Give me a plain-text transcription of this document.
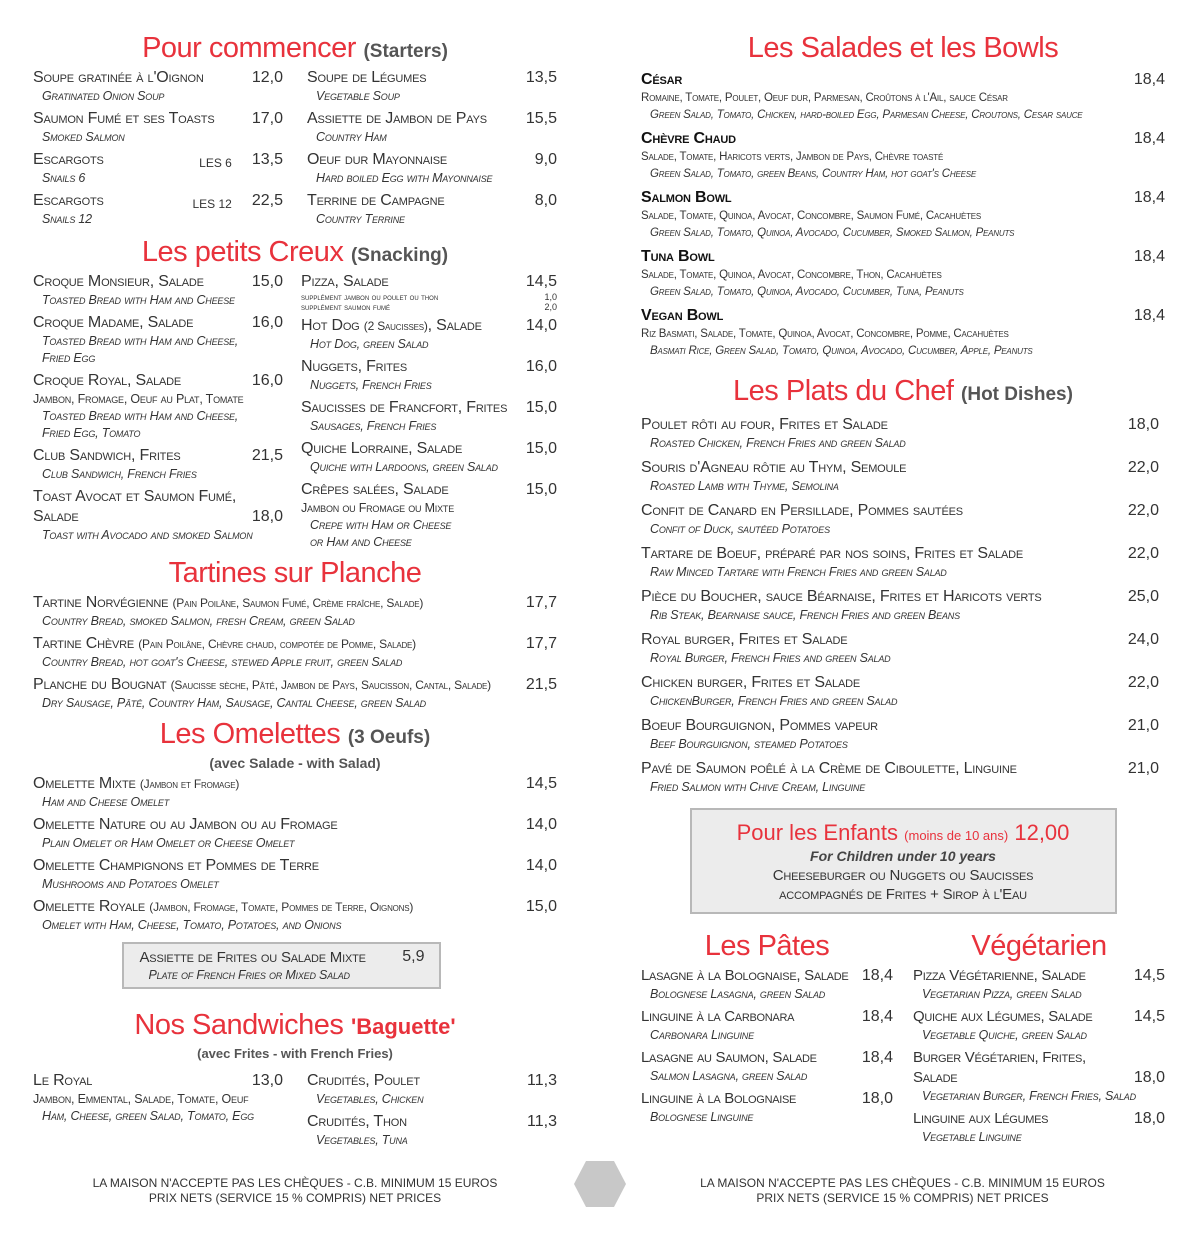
Pour commencer (Starters)
Soupe gratinée à l'Oignon	12,0
Gratinated Onion Soup
Saumon Fumé et ses Toasts	17,0
Smoked Salmon
Escargots	LES 6 13,5
Snails 6
Escargots	LES 12 22,5
Snails 12
Soupe de Légumes	13,5
Vegetable Soup
Assiette de Jambon de Pays	15,5
Country Ham
Oeuf dur Mayonnaise	9,0
Hard boiled Egg with Mayonnaise
Terrine de Campagne	8,0
Country Terrine
Les petits Creux (Snacking)
Croque Monsieur, Salade	15,0
Toasted Bread with Ham and Cheese
Croque Madame, Salade	16,0
Toasted Bread with Ham and Cheese,
Fried Egg
Croque Royal, Salade	16,0
Jambon, Fromage, Oeuf au Plat, Tomate
Toasted Bread with Ham and Cheese,
Fried Egg, Tomato
Club Sandwich, Frites	21,5
Club Sandwich, French Fries
Toast Avocat et Saumon Fumé, Salade	18,0
Toast with Avocado and smoked Salmon
Pizza, Salade	14,5
supplément jambon ou poulet ou thon	1,0
supplément saumon fumé	2,0
Hot Dog (2 Saucisses), Salade	14,0
Hot Dog, green Salad
Nuggets, Frites	16,0
Nuggets, French Fries
Saucisses de Francfort, Frites	15,0
Sausages, French Fries
Quiche Lorraine, Salade	15,0
Quiche with Lardoons, green Salad
Crêpes salées, Salade	15,0
Jambon ou Fromage ou Mixte
Crepe with Ham or Cheese
or Ham and Cheese
Tartines sur Planche
Tartine Norvégienne (Pain Poilâne, Saumon Fumé, Crème fraîche, Salade)	17,7
Country Bread, smoked Salmon, fresh Cream, green Salad
Tartine Chèvre (Pain Poilâne, Chèvre chaud, compotée de Pomme, Salade)	17,7
Country Bread, hot goat's Cheese, stewed Apple fruit, green Salad
Planche du Bougnat (Saucisse sèche, Pâté, Jambon de Pays, Saucisson, Cantal, Salade)	21,5
Dry Sausage, Pâté, Country Ham, Sausage, Cantal Cheese, green Salad
Les Omelettes (3 Oeufs)
(avec Salade - with Salad)
Omelette Mixte (Jambon et Fromage)	14,5
Ham and Cheese Omelet
Omelette Nature ou au Jambon ou au Fromage	14,0
Plain Omelet or Ham Omelet or Cheese Omelet
Omelette Champignons et Pommes de Terre	14,0
Mushrooms and Potatoes Omelet
Omelette Royale (Jambon, Fromage, Tomate, Pommes de Terre, Oignons)	15,0
Omelet with Ham, Cheese, Tomato, Potatoes, and Onions
Assiette de Frites ou Salade Mixte	5,9
Plate of French Fries or Mixed Salad
Nos Sandwiches 'Baguette'
(avec Frites - with French Fries)
Le Royal	13,0
Jambon, Emmental, Salade, Tomate, Oeuf
Ham, Cheese, green Salad, Tomato, Egg
Crudités, Poulet	11,3
Vegetables, Chicken
Crudités, Thon	11,3
Vegetables, Tuna
LA MAISON N'ACCEPTE PAS LES CHÈQUES - C.B. MINIMUM 15 EUROS
PRIX NETS (SERVICE 15 % COMPRIS) NET PRICES
Les Salades et les Bowls
César	18,4
Romaine, Tomate, Poulet, Oeuf dur, Parmesan, Croûtons à l'Ail, sauce César
Green Salad, Tomato, Chicken, hard-boiled Egg, Parmesan Cheese, Croutons, Cesar sauce
Chèvre Chaud	18,4
Salade, Tomate, Haricots verts, Jambon de Pays, Chèvre toasté
Green Salad, Tomato, green Beans, Country Ham, hot goat's Cheese
Salmon Bowl	18,4
Salade, Tomate, Quinoa, Avocat, Concombre, Saumon Fumé, Cacahuètes
Green Salad, Tomato, Quinoa, Avocado, Cucumber, Smoked Salmon, Peanuts
Tuna Bowl	18,4
Salade, Tomate, Quinoa, Avocat, Concombre, Thon, Cacahuètes
Green Salad, Tomato, Quinoa, Avocado, Cucumber, Tuna, Peanuts
Vegan Bowl	18,4
Riz Basmati, Salade, Tomate, Quinoa, Avocat, Concombre, Pomme, Cacahuètes
Basmati Rice, Green Salad, Tomato, Quinoa, Avocado, Cucumber, Apple, Peanuts
Les Plats du Chef (Hot Dishes)
Poulet rôti au four, Frites et Salade	18,0
Roasted Chicken, French Fries and green Salad
Souris d'Agneau rôtie au Thym, Semoule	22,0
Roasted Lamb with Thyme, Semolina
Confit de Canard en Persillade, Pommes sautées	22,0
Confit of Duck, sautéed Potatoes
Tartare de Boeuf, préparé par nos soins, Frites et Salade	22,0
Raw Minced Tartare with French Fries and green Salad
Pièce du Boucher, sauce Béarnaise, Frites et Haricots verts	25,0
Rib Steak, Bearnaise sauce, French Fries and green Beans
Royal burger, Frites et Salade	24,0
Royal Burger, French Fries and green Salad
Chicken burger, Frites et Salade	22,0
ChickenBurger, French Fries and green Salad
Boeuf Bourguignon, Pommes vapeur	21,0
Beef Bourguignon, steamed Potatoes
Pavé de Saumon poêlé à la Crème de Ciboulette, Linguine	21,0
Fried Salmon with Chive Cream, Linguine
Pour les Enfants (moins de 10 ans) 12,00
For Children under 10 years
Cheeseburger ou Nuggets ou Saucisses
accompagnés de Frites + Sirop à l'Eau
Les Pâtes
Lasagne à la Bolognaise, Salade 18,4
Bolognese Lasagna, green Salad
Linguine à la Carbonara	18,4
Carbonara Linguine
Lasagne au Saumon, Salade	18,4
Salmon Lasagna, green Salad
Linguine à la Bolognaise	18,0
Bolognese Linguine
Végétarien
Pizza Végétarienne, Salade	14,5
Vegetarian Pizza, green Salad
Quiche aux Légumes, Salade	14,5
Vegetable Quiche, green Salad
Burger Végétarien, Frites, Salade	18,0
Vegetarian Burger, French Fries, Salad
Linguine aux Légumes	18,0
Vegetable Linguine
LA MAISON N'ACCEPTE PAS LES CHÈQUES - C.B. MINIMUM 15 EUROS
PRIX NETS (SERVICE 15 % COMPRIS) NET PRICES
